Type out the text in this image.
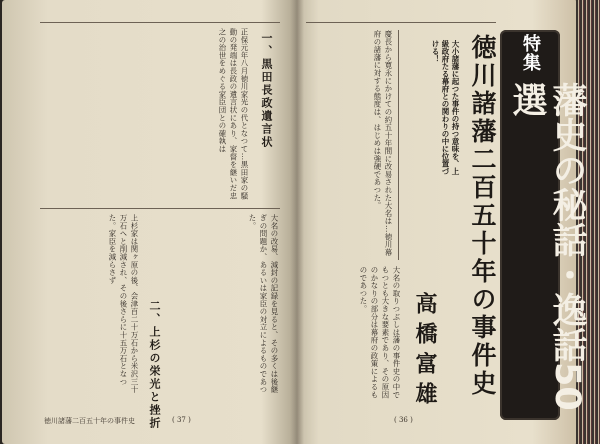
一、黒田長政遺言状
正保元年八月徳川家光の代となつて…黒田家の騒動の発端は長政の遺言状にあり、家督を継いだ忠之の治世をめぐる家臣団との確執は
二、上杉の栄光と挫折	大名の改易、減封の記録を見ると、その多くは後継ぎの問題か、あるいは家臣の対立によるものであつた。
上杉家は関ヶ原の後、会津百二十万石から米沢三十万石へと削減され、その後さらに十五万石となつた。家臣を減らさず
徳川諸藩二百五十年の事件史	( 37 )
徳川諸藩二百五十年の事件史
大小諸藩に起つた事件の持つ意味を、上級政府たる幕府との関わりの中に位置づける！
高橋富雄
慶長から寛永にかけての約五十年間に改易された大名は…徳川幕府の諸藩に対する態度は、はじめは強硬であつた。
大名の取りつぶしは藩の事件史の中でもつとも大きな要素であり、その原因のかなりの部分は幕府の政策によるものであつた。
( 36 )
特集
藩史の秘話・逸話50選
